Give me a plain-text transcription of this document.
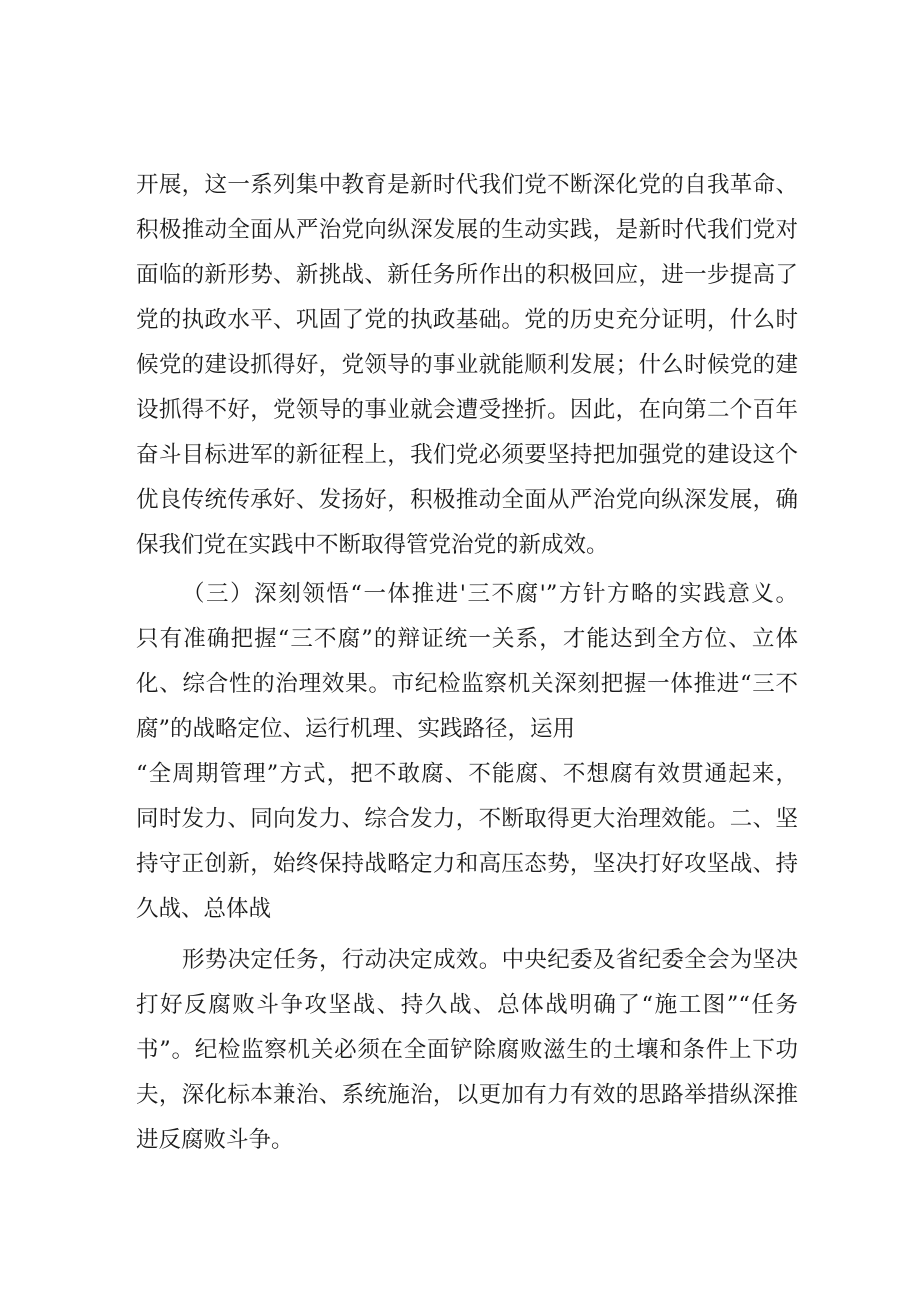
开展，这一系列集中教育是新时代我们党不断深化党的自我革命、
积极推动全面从严治党向纵深发展的生动实践，是新时代我们党对
面临的新形势、新挑战、新任务所作出的积极回应，进一步提高了
党的执政水平、巩固了党的执政基础。党的历史充分证明，什么时
候党的建设抓得好，党领导的事业就能顺利发展；什么时候党的建
设抓得不好，党领导的事业就会遭受挫折。因此，在向第二个百年
奋斗目标进军的新征程上，我们党必须要坚持把加强党的建设这个
优良传统传承好、发扬好，积极推动全面从严治党向纵深发展，确
保我们党在实践中不断取得管党治党的新成效。
（三）深刻领悟“一体推进'三不腐'”方针方略的实践意义。
只有准确把握“三不腐”的辩证统一关系，才能达到全方位、立体
化、综合性的治理效果。市纪检监察机关深刻把握一体推进“三不
腐”的战略定位、运行机理、实践路径，运用
“全周期管理”方式，把不敢腐、不能腐、不想腐有效贯通起来，
同时发力、同向发力、综合发力，不断取得更大治理效能。二、坚
持守正创新，始终保持战略定力和高压态势，坚决打好攻坚战、持
久战、总体战
形势决定任务，行动决定成效。中央纪委及省纪委全会为坚决
打好反腐败斗争攻坚战、持久战、总体战明确了“施工图”“任务
书”。纪检监察机关必须在全面铲除腐败滋生的土壤和条件上下功
夫，深化标本兼治、系统施治，以更加有力有效的思路举措纵深推
进反腐败斗争。
